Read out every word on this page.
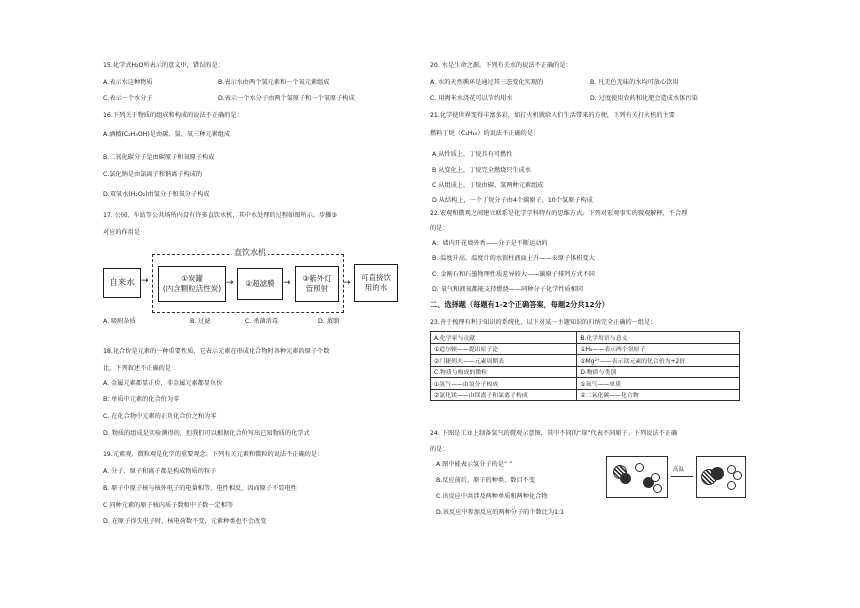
15.化学式H₂O所表示的意义中，错误的是：
A.表示水这种物质	B.表示水由两个氢元素和一个氧元素组成
C.表示一个水分子	D.表示一个水分子由两个氢原子和一个氧原子构成
16.下列关于物质的组成和构成的说法不正确的是：
A.酒精(C₂H₅OH)是由碳、氢、氧三种元素组成
B.二氧化碳分子是由碳原子和氧原子构成
C.氯化钠是由氯离子和钠离子构成的
D.双氧水(H₂O₂)由氢分子和氧分子构成
17. 公园、车站等公共场所内设有许多直饮水机，其中水处理的过程如图所示。步骤③
对应的作用是
自来水 →
直饮水机
①炭罐
(内含颗粒活性炭)
→	②超滤膜 → ③紫外灯
管照射
→
可直接饮
用的水
A. 吸附杂质	B. 过滤	C. 杀菌消毒	D. 蒸馏
18.化合价是元素的一种重要性质，它表示元素在形成化合物时各种元素的原子个数
比。下列叙述不正确的是：
A. 金属元素都显正价，非金属元素都显负价
B. 单质中元素的化合价为零
C. 在化合物中元素的正负化合价之和为零
D. 物质的组成是实验测得的，但我们可以根据化合价写出已知物质的化学式
19.元素观、微粒观是化学的重要观念。下列有关元素和微粒的说法不正确的是：
A. 分子、原子和离子都是构成物质的粒子
B. 原子中原子核与核外电子的电量相等、电性相反，因而原子不显电性
C 同种元素的原子核内质子数和中子数一定相等
D. 在原子得失电子时，核电荷数不变，元素种类也不会改变
20. 水是生命之源。下列有关水的说法不正确的是：
A. 水的天然循环是通过其三态变化实现的	B. 凡无色无味的水均可放心饮用
C. 用淘米水浇花可以节约用水	D. 过度使用农药和化肥会造成水体污染
21.化学使世界变得丰富多彩，如打火机就给人们生活带来的方便，下列有关打火机的主要
燃料丁烷（C₄H₁₀）的说法不正确的是：
A 从性质上，丁烷具有可燃性
B 从变化上，丁烷完全燃烧只生成水
C 从组成上，丁烷由碳、氢两种元素组成
D 从结构上，一个丁烷分子由4个碳原子、10个氢原子构成
22.宏观和微观之间建立联系是化学学科特有的思维方式。下列对宏观事实的微观解释，不合理
的是：
A：墙内开花墙外香——分子是不断运动的
B. 温度升高，温度计的水银柱液面上升——汞原子体积变大
C. 金刚石和石墨物理性质差异较大——碳原子排列方式不同
D. 氧气和液氧都能支持燃烧——同种分子化学性质相同
二、选择题（每题有1-2个正确答案，每题2分共12分）
23.善于梳理有利于知识的系统化，以下对某一主题知识的归纳完全正确的一组是：
A.化学家与贡献	B.化学用语与意义
①道尔顿——提出原子论	①H₂——表示两个氢原子
②门捷列夫——元素周期表	②Mg²⁺——表示镁元素的化合价为+2价
C.物质与构成的微粒	D.物质与类别
①氢气——由氢分子构成	①氧气——单质
②氯化镁——由镁离子和氯离子构成	②二氧化碳——化合物
24. 下图是工业上制备氢气的微观示意图，其中不同的“球”代表不同原子。下列说法不正确
的是：
A.图中能表示氢分子的是“ ”
B.反应前后，原子的种类、数目不变
C 该反应中共涉及两种单质和两种化合物
D.该反应中参加反应的两种分子的个数比为1:1
高温
